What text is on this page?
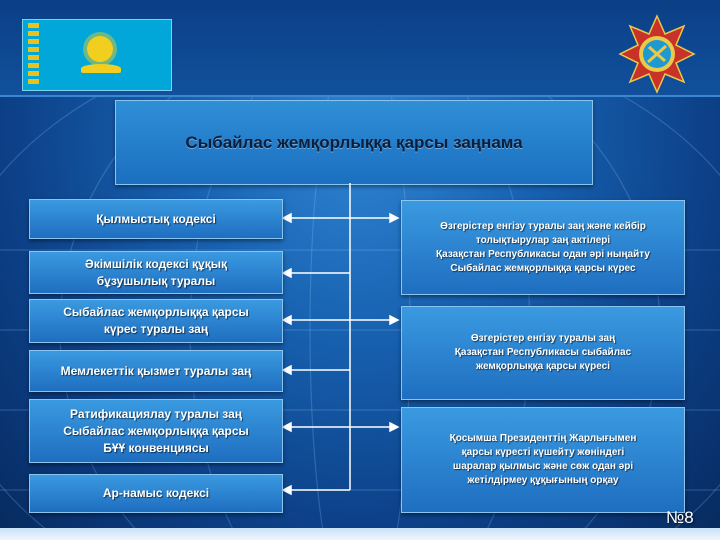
Сыбайлас жемқорлыққа қарсы заңнама
Қылмыстық кодексі
Әкімшілік кодексі құқық
бұзушылық туралы
Сыбайлас жемқорлыққа қарсы
күрес туралы заң
Мемлекеттік қызмет туралы заң
Ратификациялау туралы заң
Сыбайлас жемқорлыққа қарсы
БҰҰ конвенциясы
Ар-намыс кодексі
Өзгерістер енгізу туралы заң және кейбір
толықтырулар заң актілері
Қазақстан Республикасы одан әрі ныңайту
Сыбайлас жемқорлыққа қарсы күрес
Өзгерістер енгізу туралы заң
Қазақстан Республикасы сыбайлас
жемқорлыққа қарсы күресі
Қосымша Президенттің Жарлығымен
қарсы күресті күшейту жөніндегі
шаралар қылмыс және сөж одан әрі
жетілдірмеу құқығының орқау
№8
